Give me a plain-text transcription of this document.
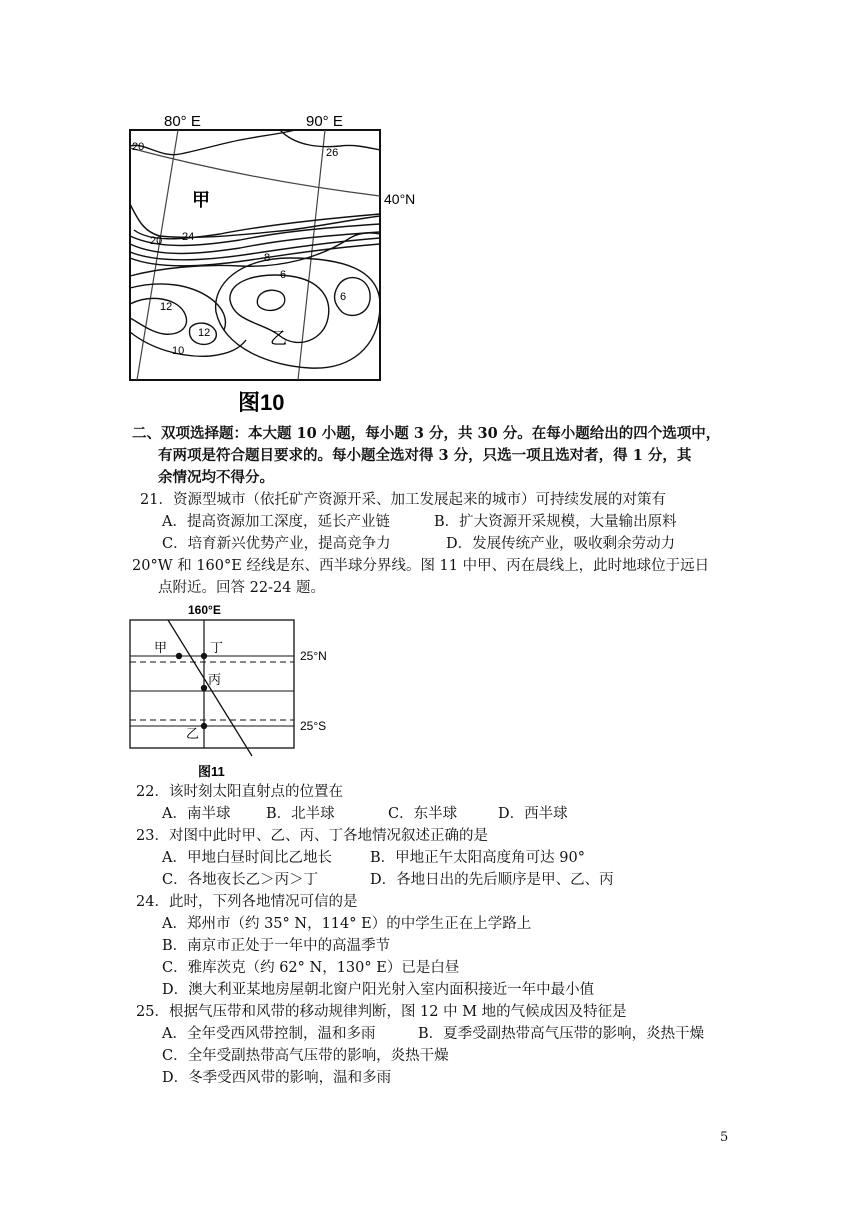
80° E	90° E
40°N
甲
乙
20	26
20 24
8
6
6
12
12
10
图10
二、双项选择题：本大题 10 小题，每小题 3 分，共 30 分。在每小题给出的四个选项中，
有两项是符合题目要求的。每小题全选对得 3 分，只选一项且选对者，得 1 分，其
余情况均不得分。
21．资源型城市（依托矿产资源开采、加工发展起来的城市）可持续发展的对策有
A．提高资源加工深度，延长产业链	B．扩大资源开采规模，大量输出原料
C．培育新兴优势产业，提高竞争力	D．发展传统产业，吸收剩余劳动力
20°W 和 160°E 经线是东、西半球分界线。图 11 中甲、丙在晨线上，此时地球位于远日
点附近。回答 22-24 题。
160°E
25°N
25°S
甲	丁
丙
乙
图11
22．该时刻太阳直射点的位置在
A．南半球 B．北半球	C．东半球	D．西半球
23．对图中此时甲、乙、丙、丁各地情况叙述正确的是
A．甲地白昼时间比乙地长	B．甲地正午太阳高度角可达 90°
C．各地夜长乙＞丙＞丁	D．各地日出的先后顺序是甲、乙、丙
24．此时，下列各地情况可信的是
A．郑州市（约 35° N，114° E）的中学生正在上学路上
B．南京市正处于一年中的高温季节
C．雅库茨克（约 62° N，130° E）已是白昼
D．澳大利亚某地房屋朝北窗户阳光射入室内面积接近一年中最小值
25．根据气压带和风带的移动规律判断，图 12 中 M 地的气候成因及特征是
A．全年受西风带控制，温和多雨	B．夏季受副热带高气压带的影响，炎热干燥
C．全年受副热带高气压带的影响，炎热干燥
D．冬季受西风带的影响，温和多雨
5
